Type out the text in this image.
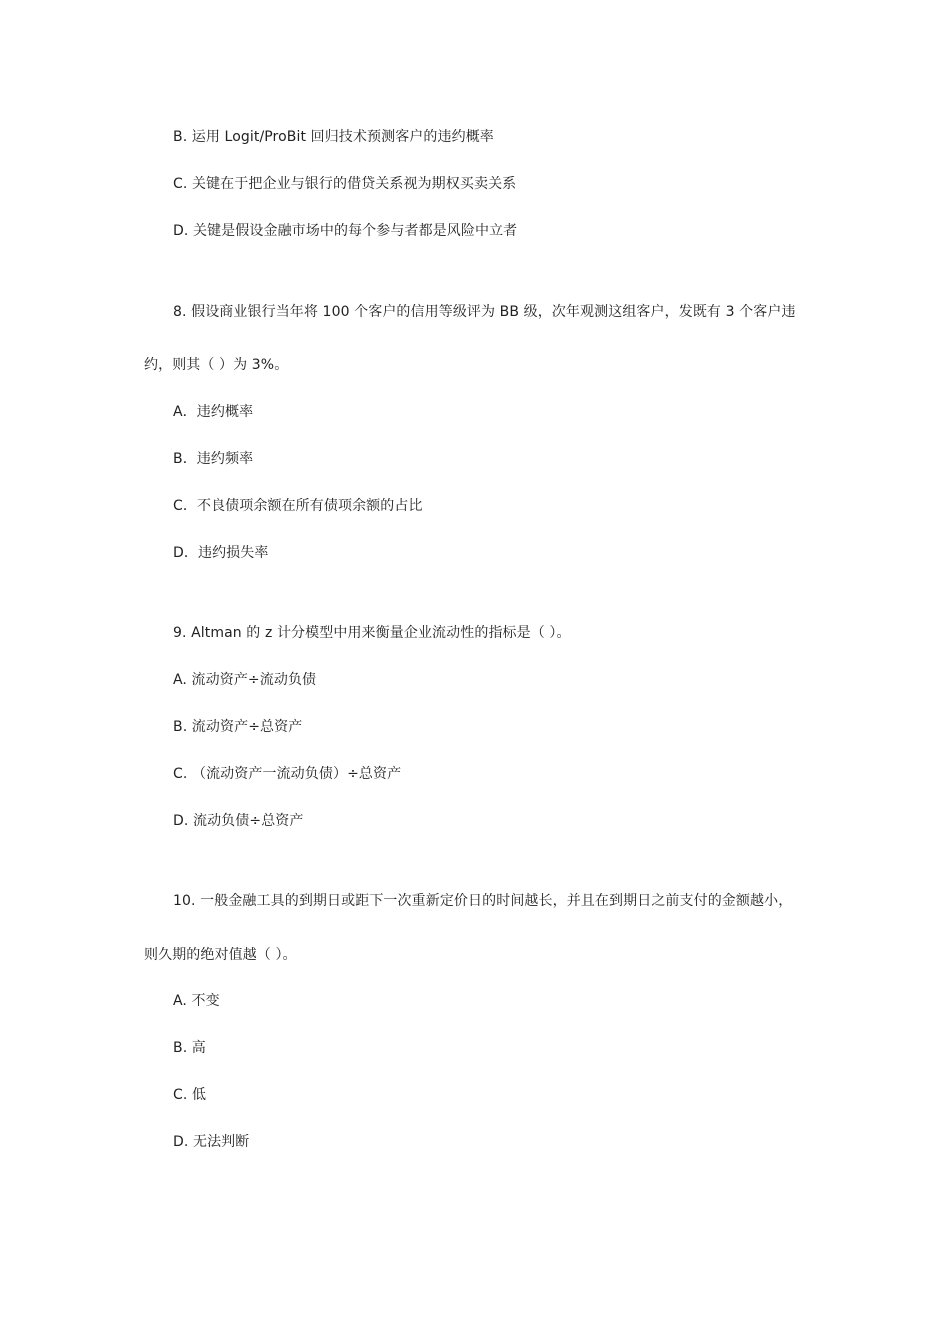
B. 运用 Logit/ProBit 回归技术预测客户的违约概率
C. 关键在于把企业与银行的借贷关系视为期权买卖关系
D. 关键是假设金融市场中的每个参与者都是风险中立者
8. 假设商业银行当年将 100 个客户的信用等级评为 BB 级，次年观测这组客户，发既有 3 个客户违
约，则其（ ）为 3%。
A．违约概率
B．违约频率
C．不良债项余额在所有债项余额的占比
D．违约损失率
9. Altman 的 z 计分模型中用来衡量企业流动性的指标是（ ）。
A. 流动资产÷流动负债
B. 流动资产÷总资产
C. （流动资产一流动负债）÷总资产
D. 流动负债÷总资产
10. 一般金融工具的到期日或距下一次重新定价日的时间越长，并且在到期日之前支付的金额越小，
则久期的绝对值越（ ）。
A. 不变
B. 高
C. 低
D. 无法判断
